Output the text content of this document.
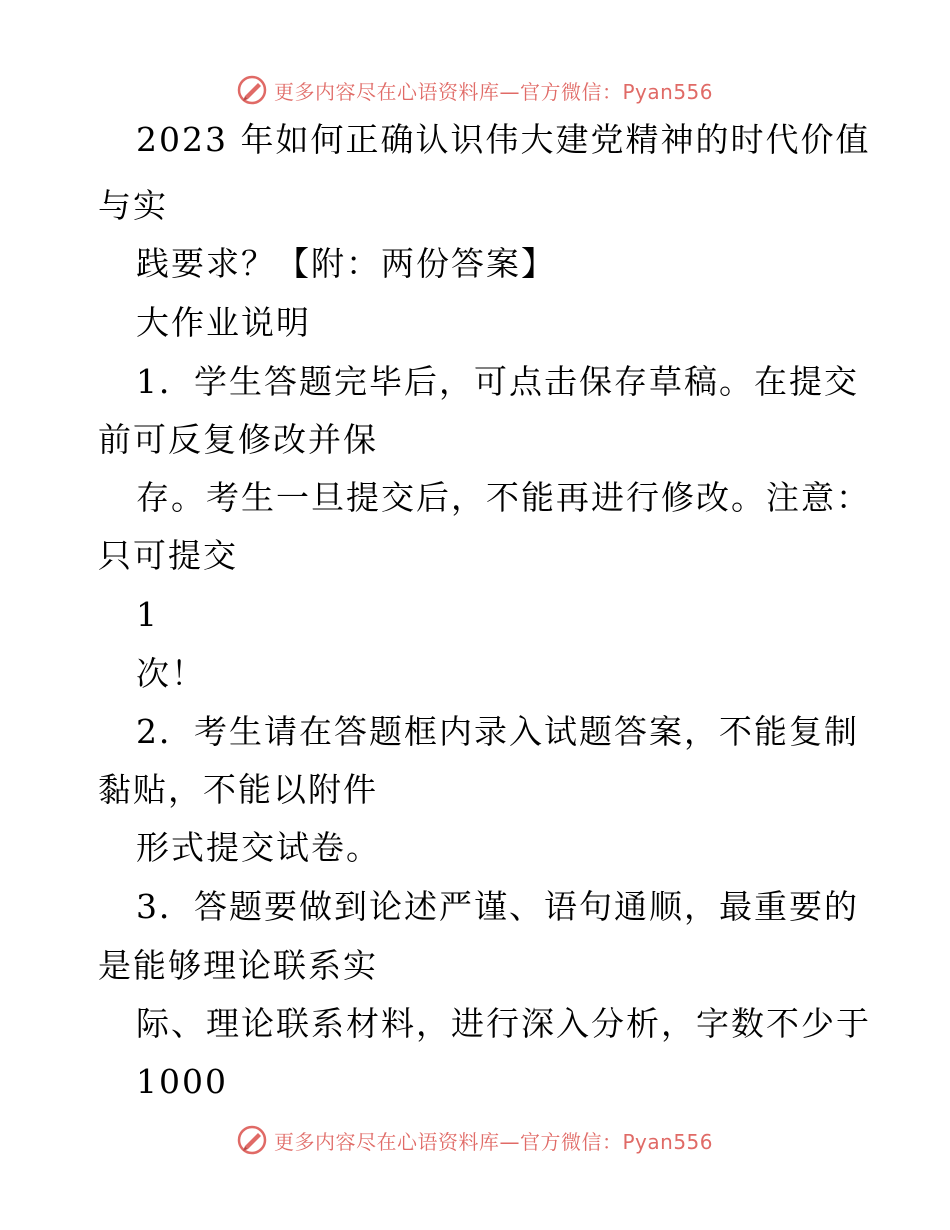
更多内容尽在心语资料库—官方微信：Pyan556
2023 年如何正确认识伟大建党精神的时代价值
与实
践要求？【附：两份答案】
大作业说明
1．学生答题完毕后，可点击保存草稿。在提交
前可反复修改并保
存。考生一旦提交后，不能再进行修改。注意：
只可提交
1
次！
2．考生请在答题框内录入试题答案，不能复制
黏贴，不能以附件
形式提交试卷。
3．答题要做到论述严谨、语句通顺，最重要的
是能够理论联系实
际、理论联系材料，进行深入分析，字数不少于
1000
更多内容尽在心语资料库—官方微信：Pyan556
